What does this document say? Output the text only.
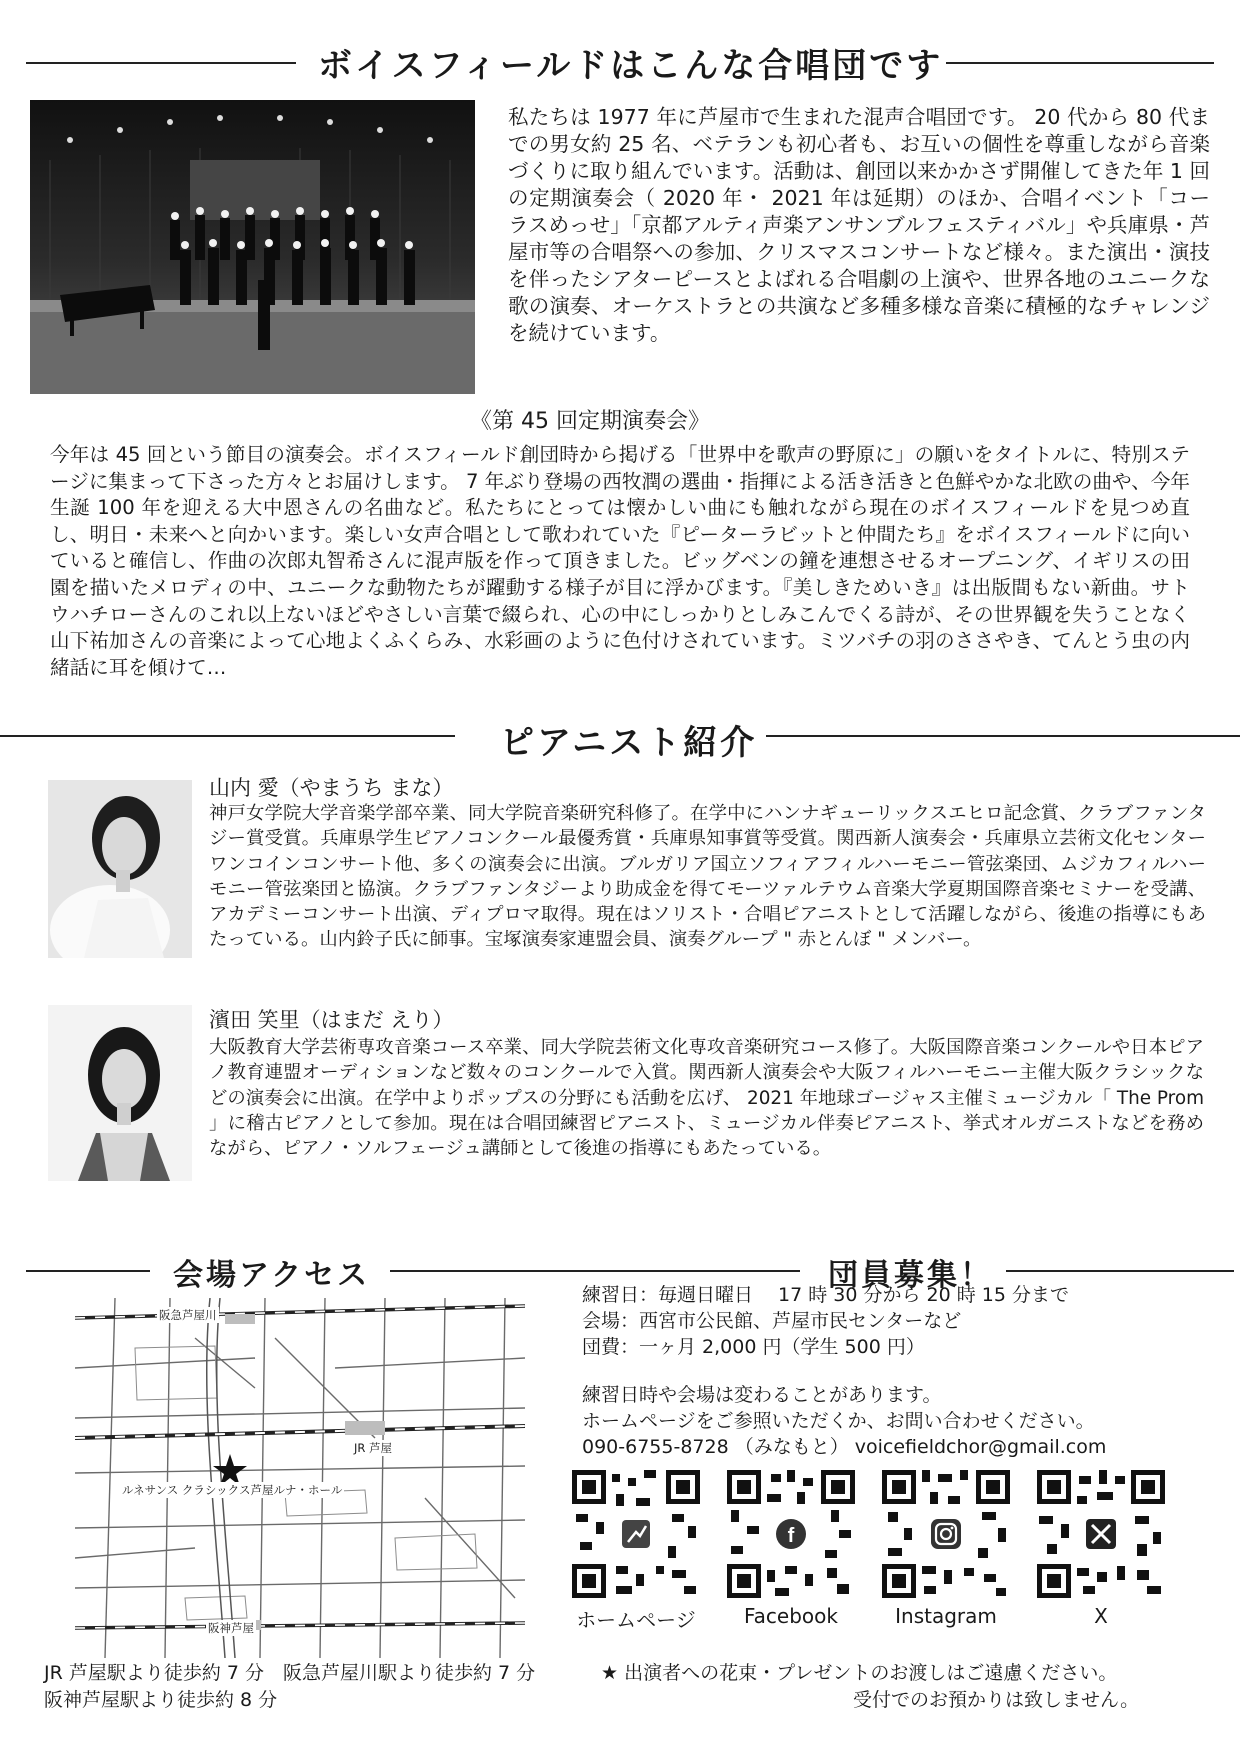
ボイスフィールドはこんな合唱団です
私たちは 1977 年に芦屋市で生まれた混声合唱団です。 20 代から 80 代までの男女約 25 名、ベテランも初心者も、お互いの個性を尊重しながら音楽づくりに取り組んでいます。活動は、創団以来かかさず開催してきた年 1 回の定期演奏会（ 2020 年・ 2021 年は延期）のほか、合唱イベント「コーラスめっせ」「京都アルティ声楽アンサンブルフェスティバル」や兵庫県・芦屋市等の合唱祭への参加、クリスマスコンサートなど様々。また演出・演技を伴ったシアターピースとよばれる合唱劇の上演や、世界各地のユニークな歌の演奏、オーケストラとの共演など多種多様な音楽に積極的なチャレンジを続けています。
《第 45 回定期演奏会》
今年は 45 回という節目の演奏会。ボイスフィールド創団時から掲げる「世界中を歌声の野原に」の願いをタイトルに、特別ステージに集まって下さった方々とお届けします。 7 年ぶり登場の西牧潤の選曲・指揮による活き活きと色鮮やかな北欧の曲や、今年生誕 100 年を迎える大中恩さんの名曲など。私たちにとっては懐かしい曲にも触れながら現在のボイスフィールドを見つめ直し、明日・未来へと向かいます。楽しい女声合唱として歌われていた『ピーターラビットと仲間たち』をボイスフィールドに向いていると確信し、作曲の次郎丸智希さんに混声版を作って頂きました。ビッグベンの鐘を連想させるオープニング、イギリスの田園を描いたメロディの中、ユニークな動物たちが躍動する様子が目に浮かびます。『美しきためいき』は出版間もない新曲。サトウハチローさんのこれ以上ないほどやさしい言葉で綴られ、心の中にしっかりとしみこんでくる詩が、その世界観を失うことなく山下祐加さんの音楽によって心地よくふくらみ、水彩画のように色付けされています。ミツバチの羽のささやき、てんとう虫の内緒話に耳を傾けて…
ピアニスト紹介
山内 愛（やまうち まな）
神戸女学院大学音楽学部卒業、同大学院音楽研究科修了。在学中にハンナギューリックスエヒロ記念賞、クラブファンタジー賞受賞。兵庫県学生ピアノコンクール最優秀賞・兵庫県知事賞等受賞。関西新人演奏会・兵庫県立芸術文化センターワンコインコンサート他、多くの演奏会に出演。ブルガリア国立ソフィアフィルハーモニー管弦楽団、ムジカフィルハーモニー管弦楽団と協演。クラブファンタジーより助成金を得てモーツァルテウム音楽大学夏期国際音楽セミナーを受講、アカデミーコンサート出演、ディプロマ取得。現在はソリスト・合唱ピアニストとして活躍しながら、後進の指導にもあたっている。山内鈴子氏に師事。宝塚演奏家連盟会員、演奏グループ " 赤とんぼ " メンバー。
濱田 笑里（はまだ えり）
大阪教育大学芸術専攻音楽コース卒業、同大学院芸術文化専攻音楽研究コース修了。大阪国際音楽コンクールや日本ピアノ教育連盟オーディションなど数々のコンクールで入賞。関西新人演奏会や大阪フィルハーモニー主催大阪クラシックなどの演奏会に出演。在学中よりポップスの分野にも活動を広げ、 2021 年地球ゴージャス主催ミュージカル「 The Prom 」に稽古ピアノとして参加。現在は合唱団練習ピアニスト、ミュージカル伴奏ピアニスト、挙式オルガニストなどを務めながら、ピアノ・ソルフェージュ講師として後進の指導にもあたっている。
会場アクセス	団員募集！
阪急芦屋川
JR 芦屋
ルネサンス クラシックス芦屋ルナ・ホール
阪神芦屋
練習日：毎週日曜日　 17 時 30 分から 20 時 15 分まで
会場：西宮市公民館、芦屋市民センターなど
団費：一ヶ月 2,000 円（学生 500 円）
練習日時や会場は変わることがあります。
ホームページをご参照いただくか、お問い合わせください。
090-6755-8728 （みなもと） voicefieldchor@gmail.com
f
ホームページ	Facebook	Instagram	X
JR 芦屋駅より徒歩約 7 分　阪急芦屋川駅より徒歩約 7 分
阪神芦屋駅より徒歩約 8 分
★ 出演者への花束・プレゼントのお渡しはご遠慮ください。
受付でのお預かりは致しません。
